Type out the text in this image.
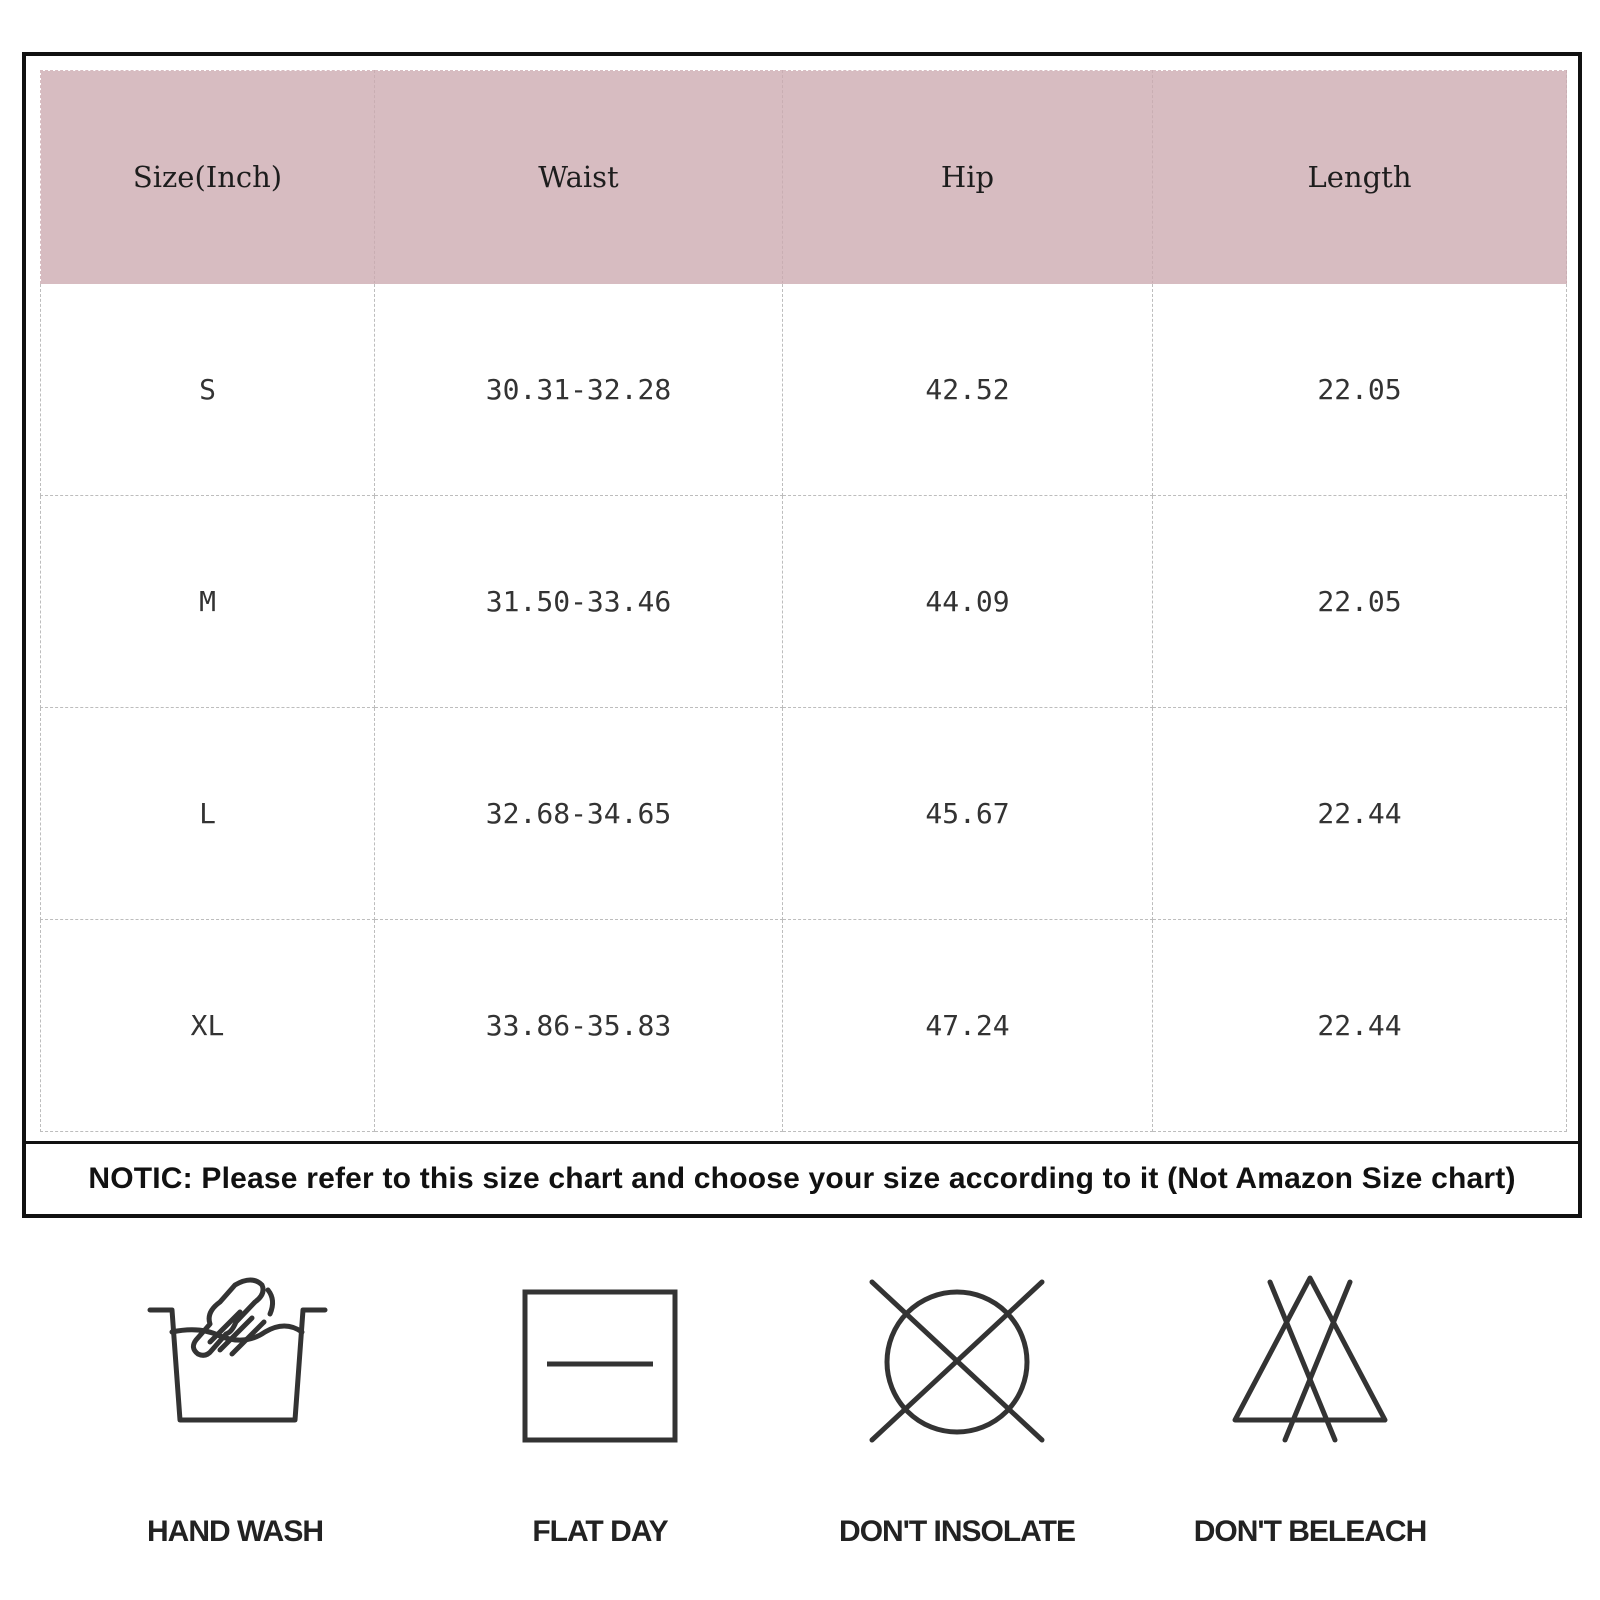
Size(Inch)	Waist	Hip	Length
S	30.31-32.28	42.52	22.05
M	31.50-33.46	44.09	22.05
L	32.68-34.65	45.67	22.44
XL	33.86-35.83	47.24	22.44
NOTIC: Please refer to this size chart and choose your size according to it (Not Amazon Size chart)
HAND WASH	FLAT DAY	DON'T INSOLATE	DON'T BELEACH
